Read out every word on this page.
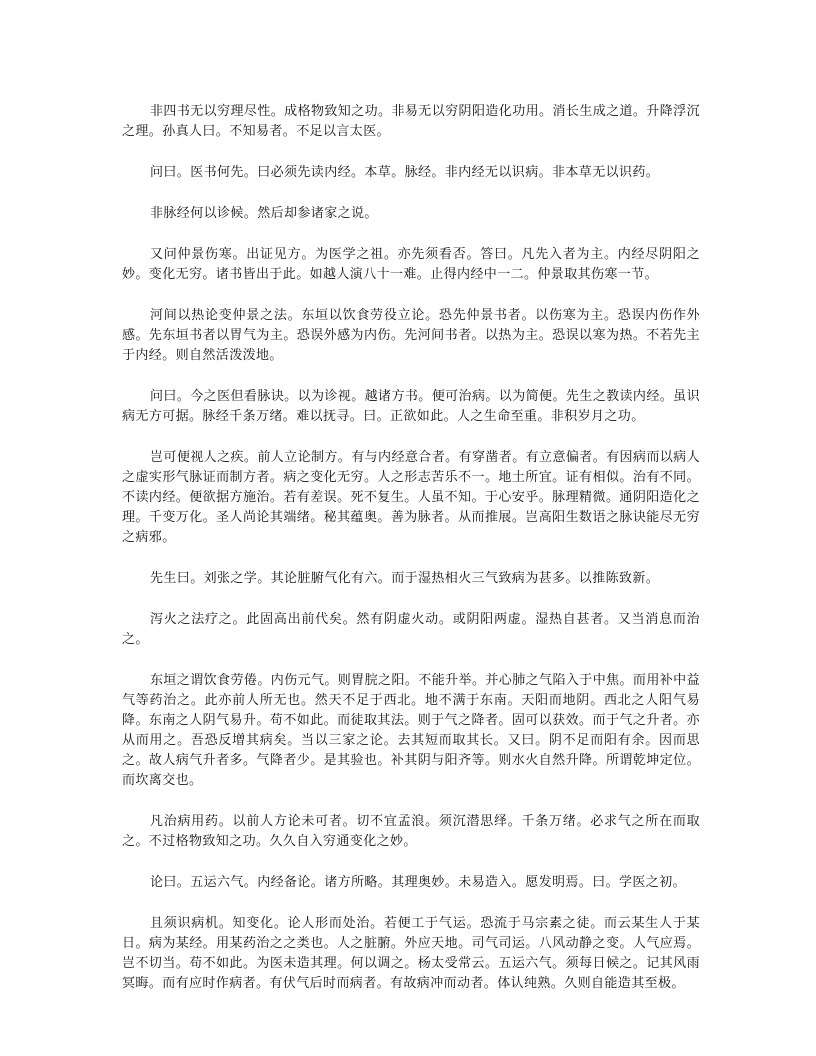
非四书无以穷理尽性。成格物致知之功。非易无以穷阴阳造化功用。消长生成之道。升降浮沉之理。孙真人曰。不知易者。不足以言太医。

问曰。医书何先。曰必须先读内经。本草。脉经。非内经无以识病。非本草无以识药。

非脉经何以诊候。然后却参诸家之说。

又问仲景伤寒。出证见方。为医学之祖。亦先须看否。答曰。凡先入者为主。内经尽阴阳之妙。变化无穷。诸书皆出于此。如越人演八十一难。止得内经中一二。仲景取其伤寒一节。

河间以热论变仲景之法。东垣以饮食劳役立论。恐先仲景书者。以伤寒为主。恐误内伤作外感。先东垣书者以胃气为主。恐误外感为内伤。先河间书者。以热为主。恐误以寒为热。不若先主于内经。则自然活泼泼地。

问曰。今之医但看脉诀。以为诊视。越诸方书。便可治病。以为简便。先生之教读内经。虽识病无方可据。脉经千条万绪。难以抚寻。曰。正欲如此。人之生命至重。非积岁月之功。

岂可便视人之疾。前人立论制方。有与内经意合者。有穿凿者。有立意偏者。有因病而以病人之虚实形气脉证而制方者。病之变化无穷。人之形志苦乐不一。地土所宜。证有相似。治有不同。不读内经。便欲据方施治。若有差误。死不复生。人虽不知。于心安乎。脉理精微。通阴阳造化之理。千变万化。圣人尚论其端绪。秘其蕴奥。善为脉者。从而推展。岂高阳生数语之脉诀能尽无穷之病邪。

先生曰。刘张之学。其论脏腑气化有六。而于湿热相火三气致病为甚多。以推陈致新。

泻火之法疗之。此固高出前代矣。然有阴虚火动。或阴阳两虚。湿热自甚者。又当消息而治之。

东垣之谓饮食劳倦。内伤元气。则胃脘之阳。不能升举。并心肺之气陷入于中焦。而用补中益气等药治之。此亦前人所无也。然天不足于西北。地不满于东南。天阳而地阴。西北之人阳气易降。东南之人阴气易升。苟不如此。而徒取其法。则于气之降者。固可以获效。而于气之升者。亦从而用之。吾恐反增其病矣。当以三家之论。去其短而取其长。又曰。阴不足而阳有余。因而思之。故人病气升者多。气降者少。是其验也。补其阴与阳齐等。则水火自然升降。所谓乾坤定位。而坎离交也。

凡治病用药。以前人方论未可者。切不宜孟浪。须沉潜思绎。千条万绪。必求气之所在而取之。不过格物致知之功。久久自入穷通变化之妙。

论曰。五运六气。内经备论。诸方所略。其理奥妙。未易造入。愿发明焉。曰。学医之初。

且须识病机。知变化。论人形而处治。若便工于气运。恐流于马宗素之徒。而云某生人于某日。病为某经。用某药治之之类也。人之脏腑。外应天地。司气司运。八风动静之变。人气应焉。岂不切当。苟不如此。为医未造其理。何以调之。杨太受常云。五运六气。须每日候之。记其风雨冥晦。而有应时作病者。有伏气后时而病者。有故病冲而动者。体认纯熟。久则自能造其至极。
